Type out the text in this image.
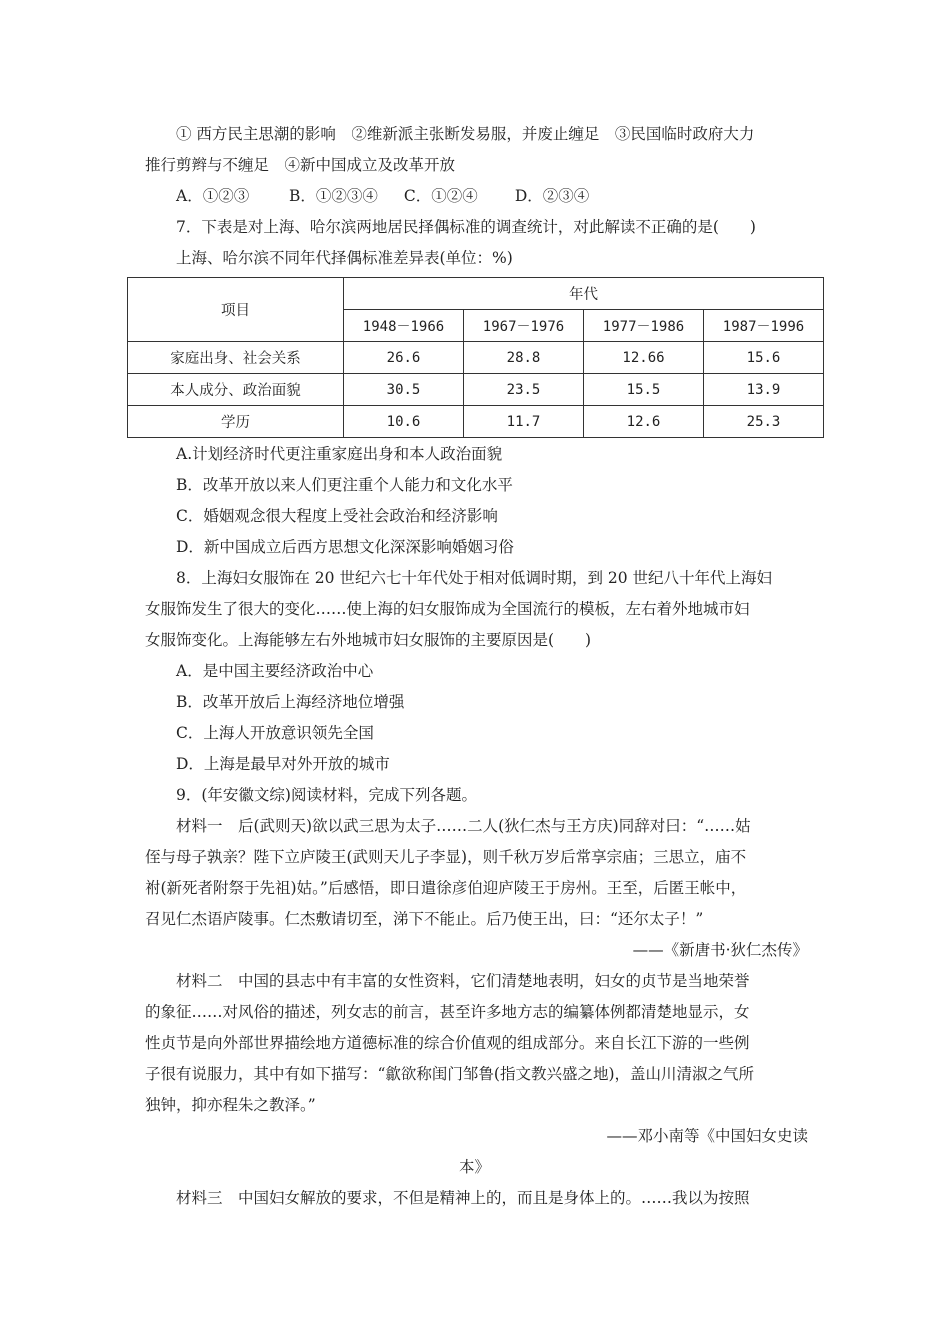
① 西方民主思潮的影响　②维新派主张断发易服，并废止缠足　③民国临时政府大力
推行剪辫与不缠足　④新中国成立及改革开放
A．①②③	B．①②③④ C．①②④ D．②③④
7．下表是对上海、哈尔滨两地居民择偶标准的调查统计，对此解读不正确的是(　　)
上海、哈尔滨不同年代择偶标准差异表(单位：%)
项目	年代			
	1948－1966	1967－1976	1977－1986	1987－1996
家庭出身、社会关系	26.6	28.8	12.66	15.6
本人成分、政治面貌	30.5	23.5	15.5	13.9
学历	10.6	11.7	12.6	25.3
A.计划经济时代更注重家庭出身和本人政治面貌
B．改革开放以来人们更注重个人能力和文化水平
C．婚姻观念很大程度上受社会政治和经济影响
D．新中国成立后西方思想文化深深影响婚姻习俗
8．上海妇女服饰在 20 世纪六七十年代处于相对低调时期，到 20 世纪八十年代上海妇
女服饰发生了很大的变化……使上海的妇女服饰成为全国流行的模板，左右着外地城市妇
女服饰变化。上海能够左右外地城市妇女服饰的主要原因是(　　)
A．是中国主要经济政治中心
B．改革开放后上海经济地位增强
C．上海人开放意识领先全国
D．上海是最早对外开放的城市
9．(年安徽文综)阅读材料，完成下列各题。
材料一　后(武则天)欲以武三思为太子……二人(狄仁杰与王方庆)同辞对曰：“……姑
侄与母子孰亲？陛下立庐陵王(武则天儿子李显)，则千秋万岁后常享宗庙；三思立，庙不
祔(新死者附祭于先祖)姑。”后感悟，即日遣徐彦伯迎庐陵王于房州。王至，后匿王帐中，
召见仁杰语庐陵事。仁杰敷请切至，涕下不能止。后乃使王出，曰：“还尔太子！”
——《新唐书·狄仁杰传》
材料二　中国的县志中有丰富的女性资料，它们清楚地表明，妇女的贞节是当地荣誉
的象征……对风俗的描述，列女志的前言，甚至许多地方志的编纂体例都清楚地显示，女
性贞节是向外部世界描绘地方道德标准的综合价值观的组成部分。来自长江下游的一些例
子很有说服力，其中有如下描写：“歙欲称闺门邹鲁(指文教兴盛之地)，盖山川清淑之气所
独钟，抑亦程朱之教泽。”
——邓小南等《中国妇女史读
本》
材料三　中国妇女解放的要求，不但是精神上的，而且是身体上的。……我以为按照
